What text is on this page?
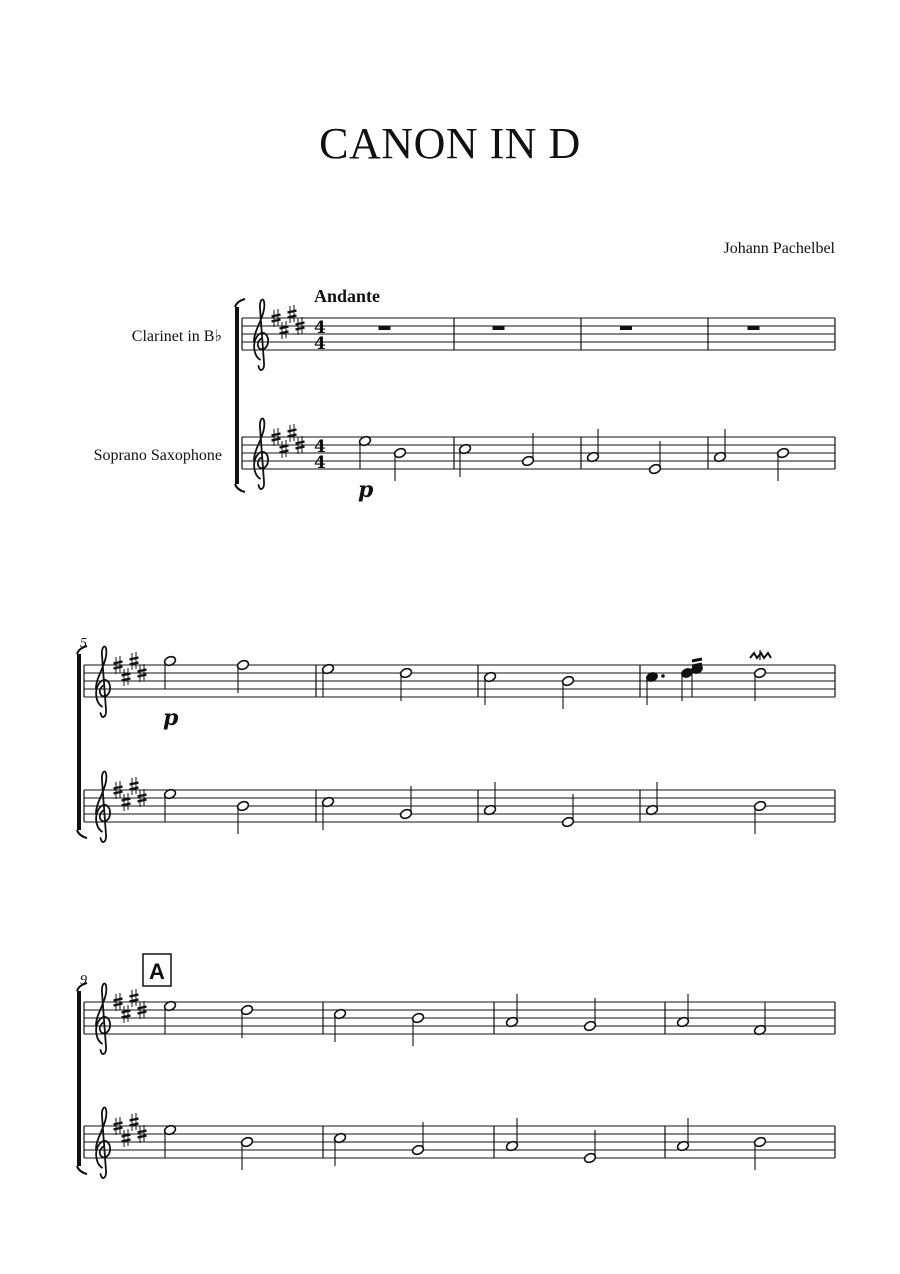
CANON IN D
Johann Pachelbel
4
4
4
4
p
5
p
9	A
Clarinet in B♭
Soprano Saxophone
Andante
